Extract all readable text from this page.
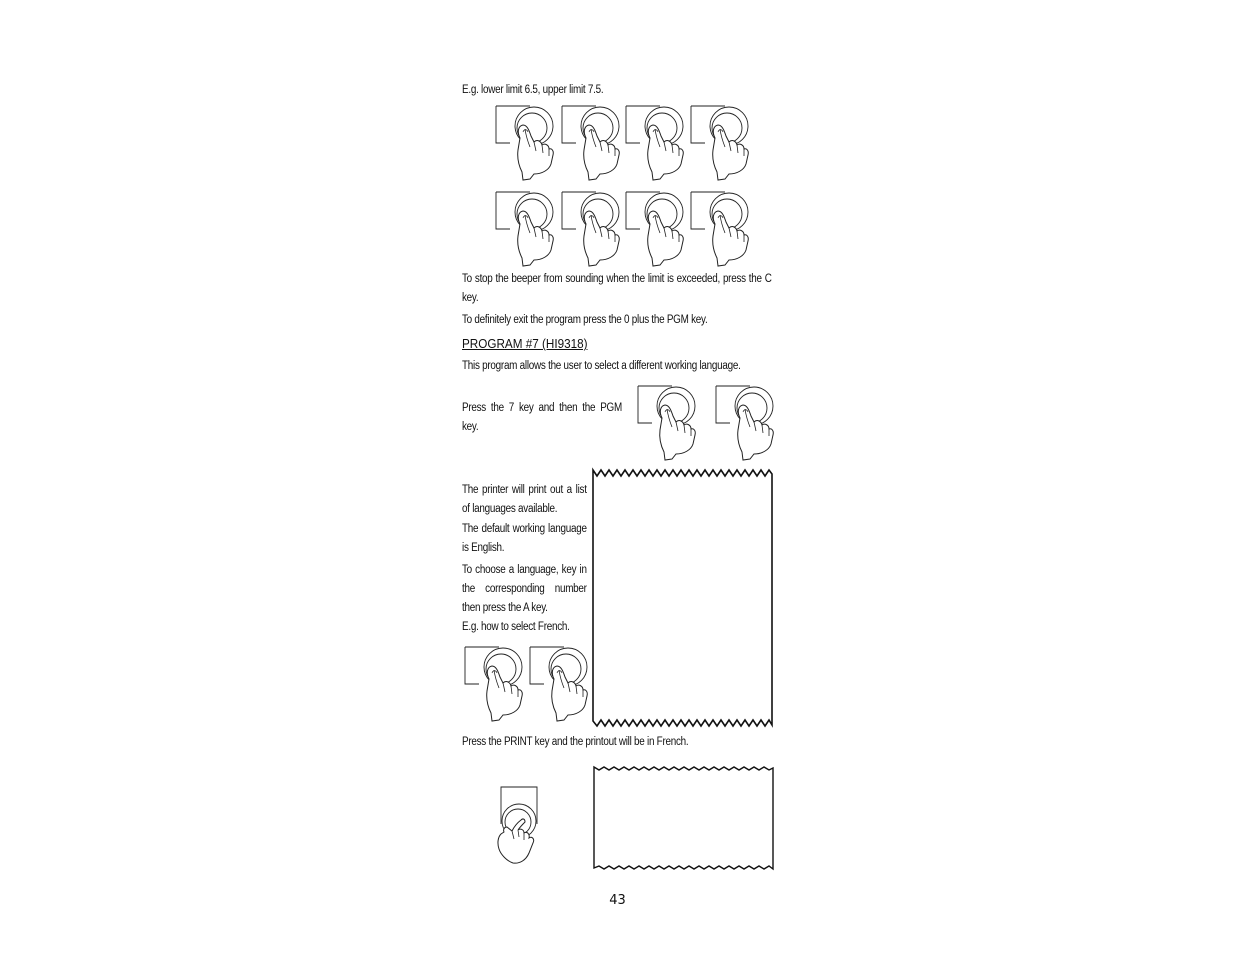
E.g. lower limit 6.5, upper limit 7.5.
To stop the beeper from sounding when the limit is exceeded, press the C key.
To definitely exit the program press the 0 plus the PGM key.
PROGRAM #7 (HI9318)
This program allows the user to select a different working language.
Press the 7 key and then the PGM key.
The printer will print out a list of languages available.
The default working language is English.
To choose a language, key in the corresponding number then press the A key.
E.g. how to select French.
Press the PRINT key and the printout will be in French.
43
